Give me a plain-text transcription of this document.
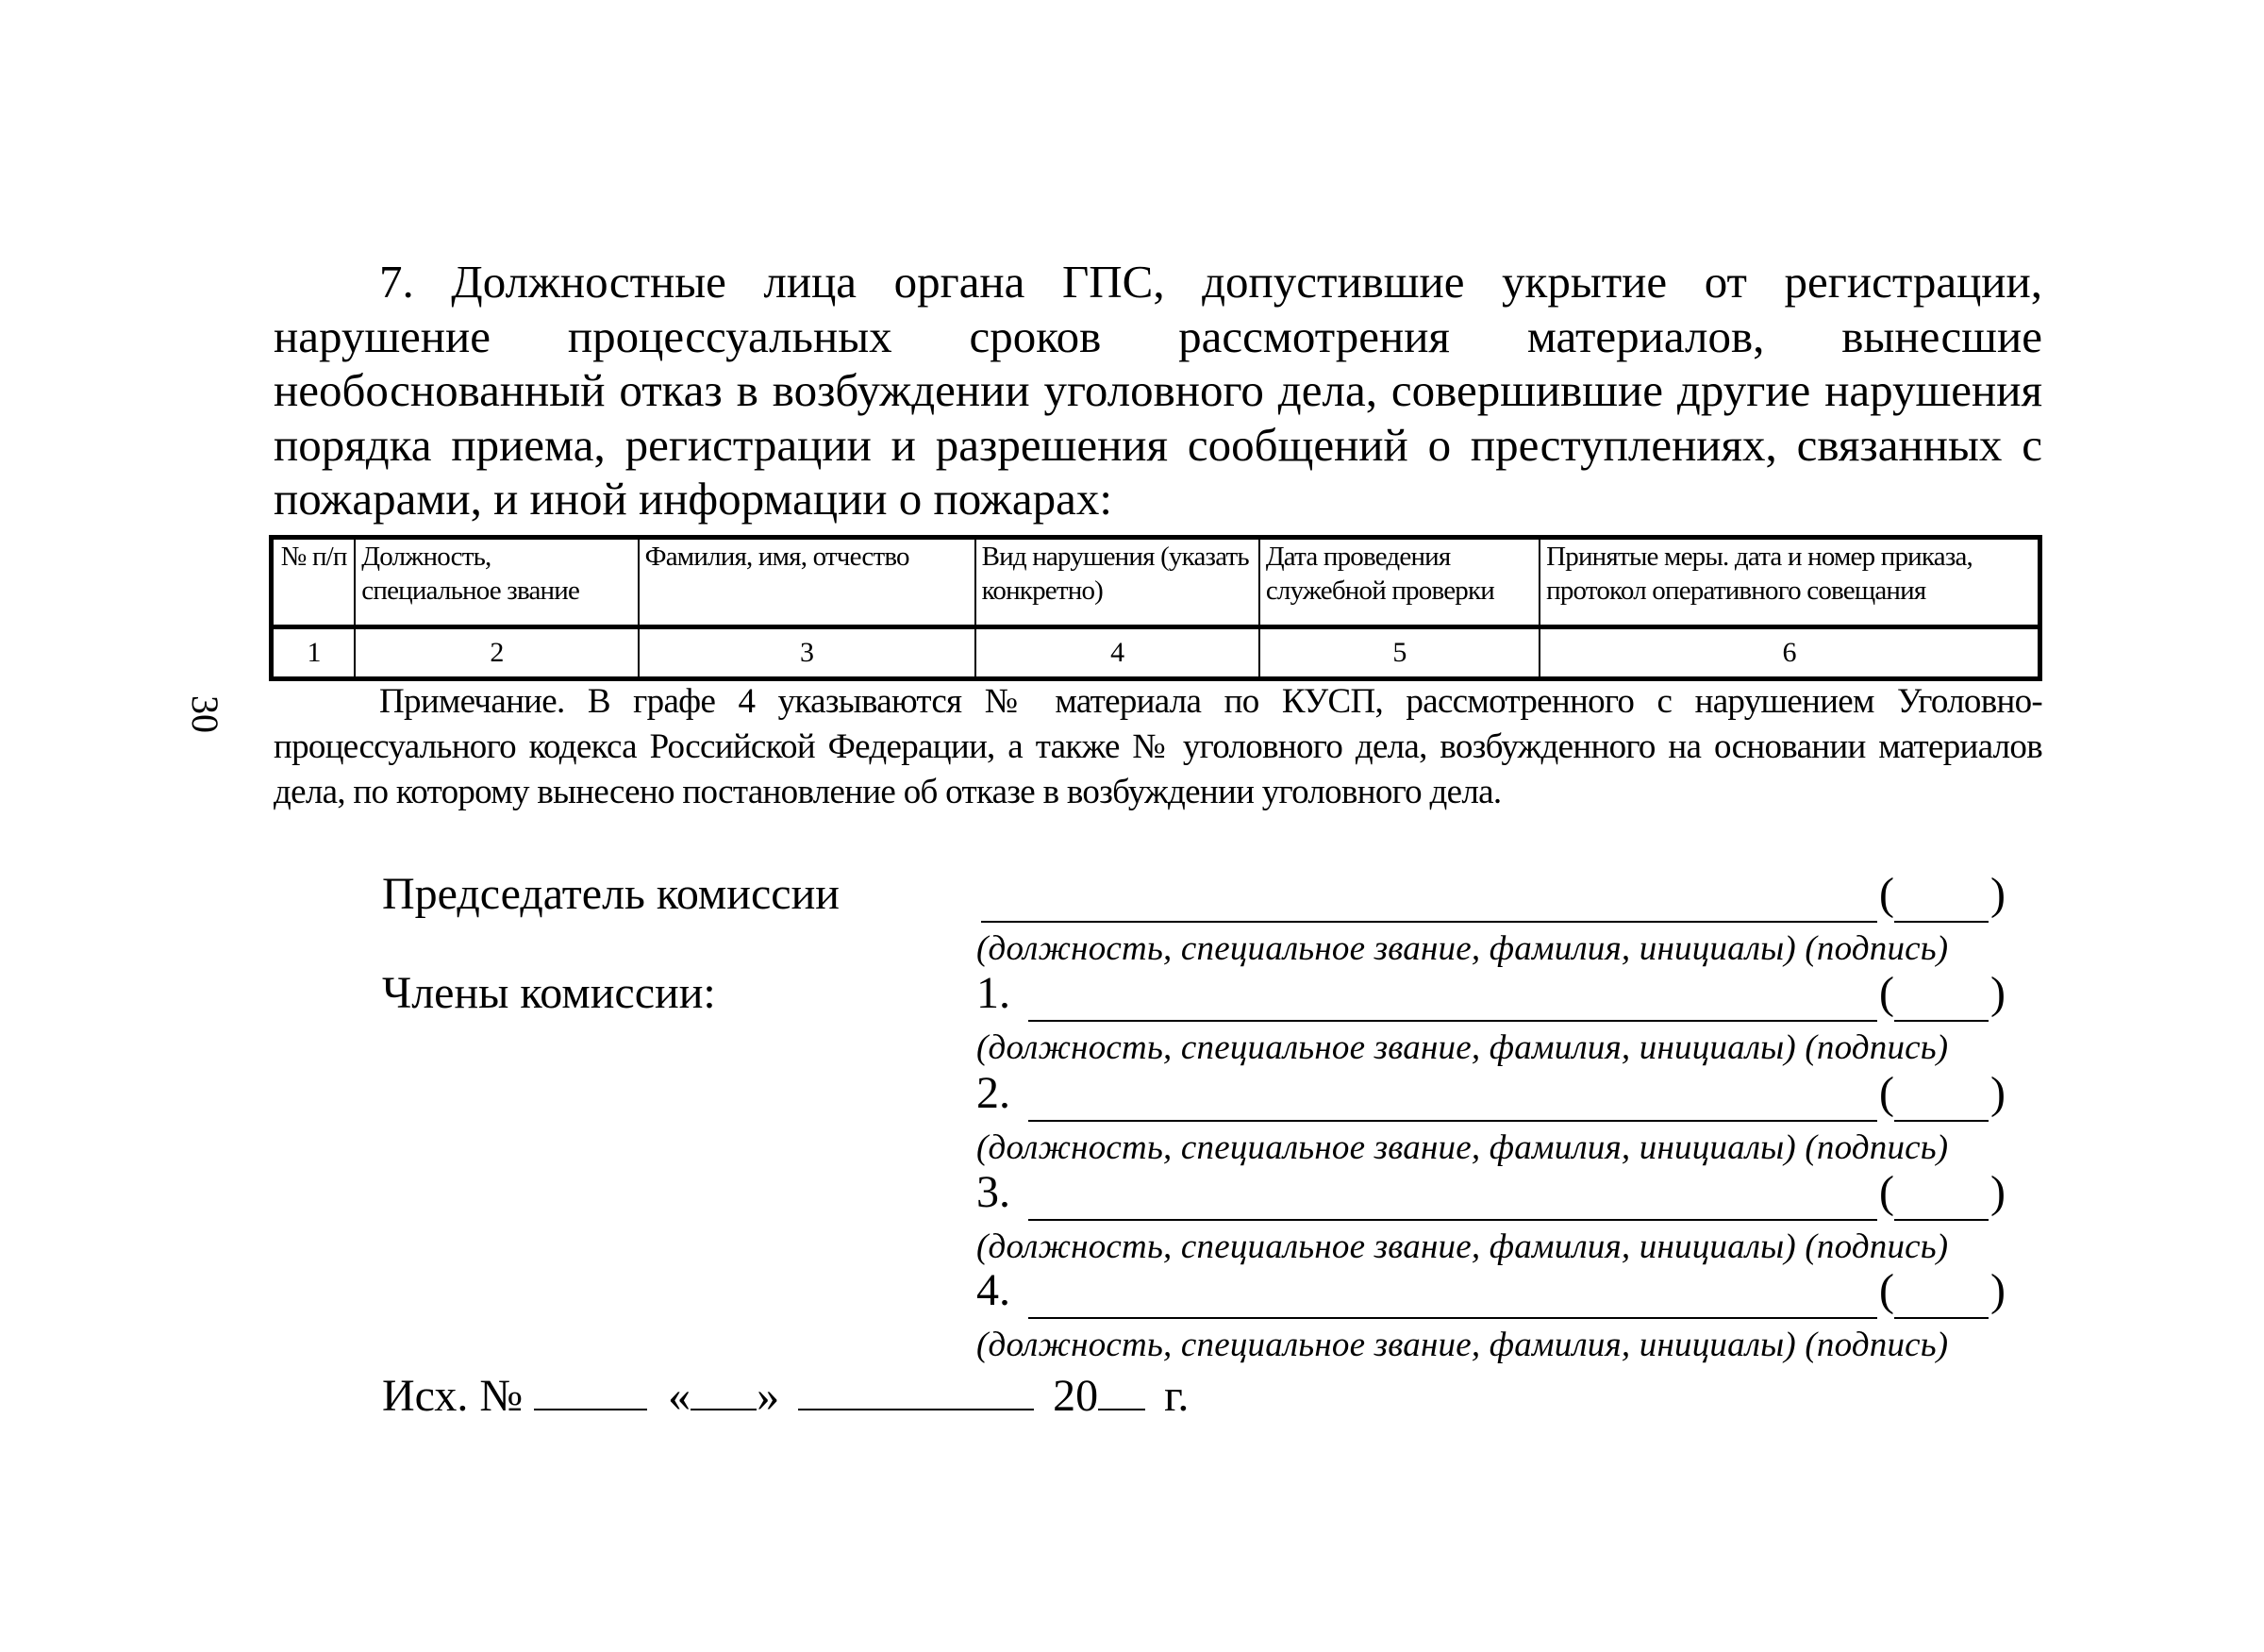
30

7. Должностные лица органа ГПС, допустившие укрытие от регистрации, нарушение процессуальных сроков рассмотрения материалов, вынесшие необоснованный отказ в возбуждении уголовного дела, совершившие другие нарушения порядка приема, регистрации и разрешения сообщений о преступлениях, связанных с пожарами, и иной информации о пожарах:

№ п/п	Должность, специальное звание	Фамилия, имя, отчество	Вид нарушения (указать конкретно)	Дата проведения служебной проверки	Принятые меры. дата и номер приказа, протокол оперативного совещания
1	2	3	4	5	6

Примечание. В графе 4 указываются № материала по КУСП, рассмотренного с нарушением Уголовно-процессуального кодекса Российской Федерации, а также № уголовного дела, возбужденного на основании материалов дела, по которому вынесено постановление об отказе в возбуждении уголовного дела.

Председатель комиссии	( )
(должность, специальное звание, фамилия, инициалы) (подпись)
Члены комиссии:	1.	( )
(должность, специальное звание, фамилия, инициалы) (подпись)
2.	( )
(должность, специальное звание, фамилия, инициалы) (подпись)
3.	( )
(должность, специальное звание, фамилия, инициалы) (подпись)
4.	( )
(должность, специальное звание, фамилия, инициалы) (подпись)
Исх. №	« »	20 г.
